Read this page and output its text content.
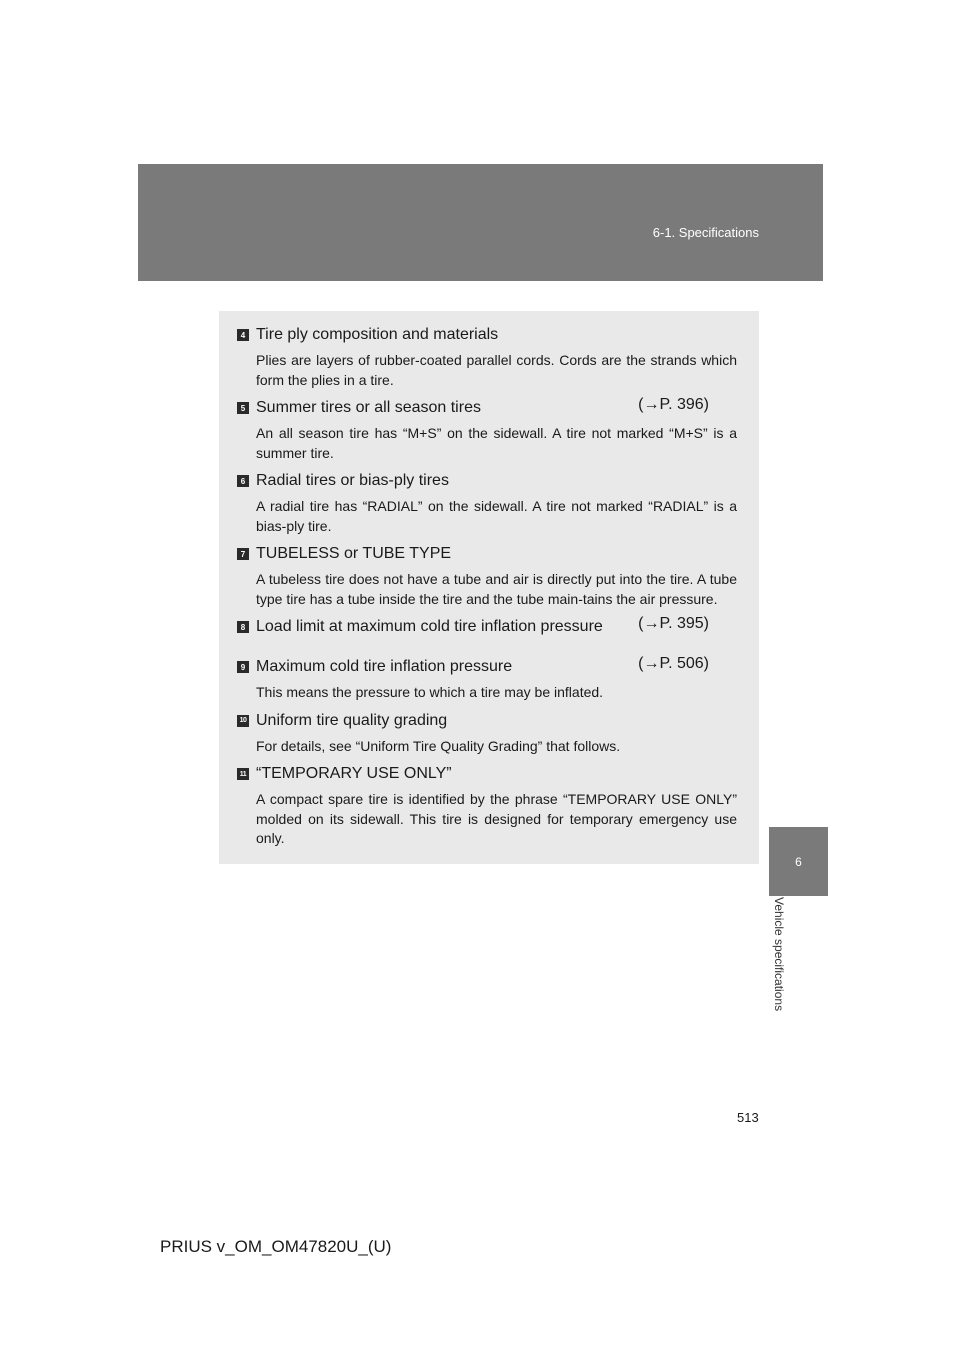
6-1. Specifications
6
Vehicle specifications
4 Tire ply composition and materials
Plies are layers of rubber-coated parallel cords. Cords are the strands which form the plies in a tire.
5 Summer tires or all season tires	(→P. 396)
An all season tire has “M+S” on the sidewall. A tire not marked “M+S” is a summer tire.
6 Radial tires or bias-ply tires
A radial tire has “RADIAL” on the sidewall. A tire not marked “RADIAL” is a bias-ply tire.
7 TUBELESS or TUBE TYPE
A tubeless tire does not have a tube and air is directly put into the tire. A tube type tire has a tube inside the tire and the tube main-tains the air pressure.
8 Load limit at maximum cold tire inflation pressure	(→P. 395)
9 Maximum cold tire inflation pressure	(→P. 506)
This means the pressure to which a tire may be inflated.
10 Uniform tire quality grading
For details, see “Uniform Tire Quality Grading” that follows.
11 “TEMPORARY USE ONLY”
A compact spare tire is identified by the phrase “TEMPORARY USE ONLY” molded on its sidewall. This tire is designed for temporary emergency use only.
513
PRIUS v_OM_OM47820U_(U)
